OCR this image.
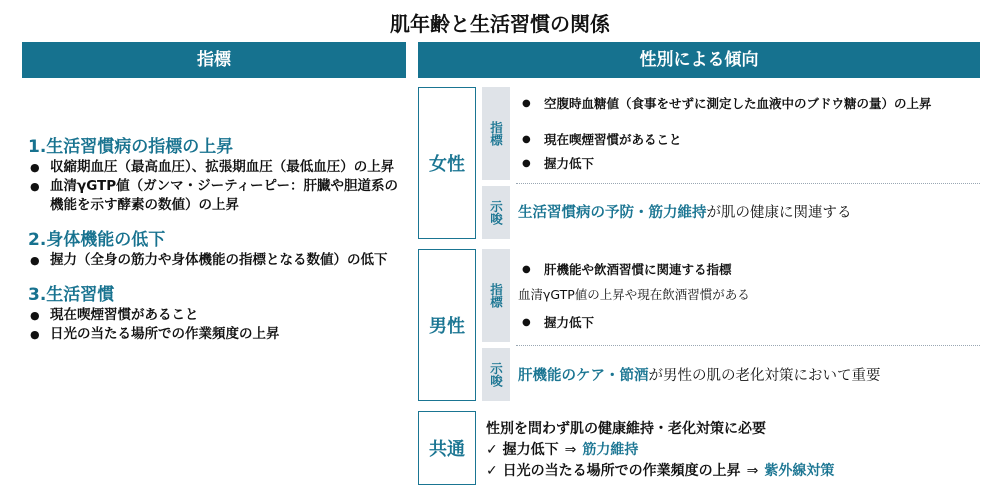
肌年齢と生活習慣の関係
指標	性別による傾向
1.生活習慣病の指標の上昇
● 収縮期血圧（最高血圧）、拡張期血圧（最低血圧）の上昇
● 血清γGTP値（ガンマ・ジーティーピー：肝臓や胆道系の機能を示す酵素の数値）の上昇
2.身体機能の低下
● 握力（全身の筋力や身体機能の指標となる数値）の低下
3.生活習慣
● 現在喫煙習慣があること
● 日光の当たる場所での作業頻度の上昇
女性
指標
示唆
● 空腹時血糖値（食事をせずに測定した血液中のブドウ糖の量）の上昇
● 現在喫煙習慣があること
● 握力低下
生活習慣病の予防・筋力維持が肌の健康に関連する
男性
指標
示唆
● 肝機能や飲酒習慣に関連する指標
血清γGTP値の上昇や現在飲酒習慣がある
● 握力低下
肝機能のケア・節酒が男性の肌の老化対策において重要
共通
性別を問わず肌の健康維持・老化対策に必要
✓ 握力低下 ⇒ 筋力維持
✓ 日光の当たる場所での作業頻度の上昇 ⇒ 紫外線対策
